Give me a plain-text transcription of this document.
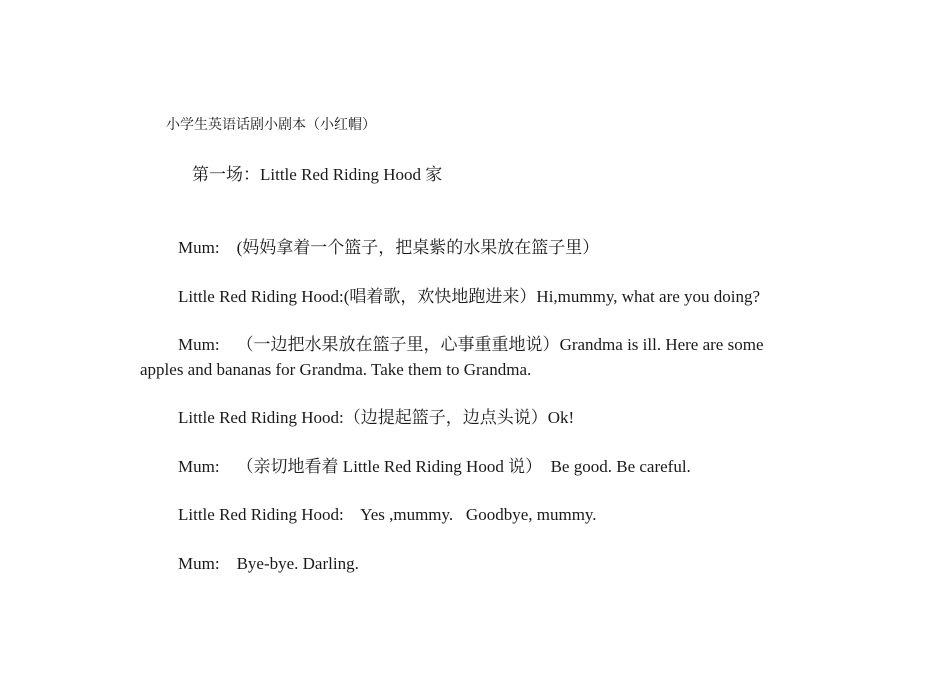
小学生英语话剧小剧本（小红帽）
第一场：Little Red Riding Hood 家

Mum:    (妈妈拿着一个篮子，把桌紫的水果放在篮子里）

Little Red Riding Hood:(唱着歌，欢快地跑进来）Hi,mummy, what are you doing?

Mum:    （一边把水果放在篮子里，心事重重地说）Grandma is ill. Here are some apples and bananas for Grandma. Take them to Grandma.

Little Red Riding Hood:（边提起篮子，边点头说）Ok!

Mum:    （亲切地看着 Little Red Riding Hood 说）  Be good. Be careful.

Little Red Riding Hood:    Yes ,mummy.   Goodbye, mummy.

Mum:    Bye-bye. Darling.
